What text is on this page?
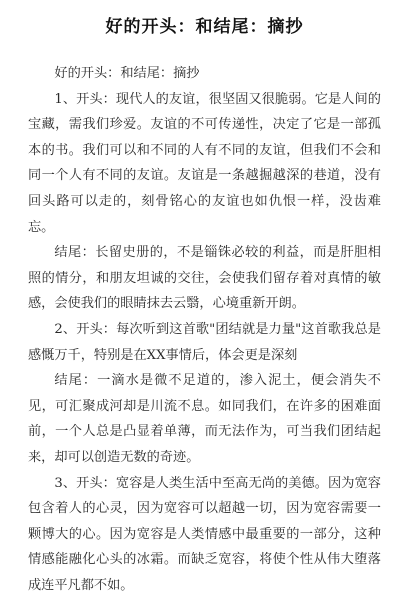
好的开头：和结尾：摘抄

好的开头：和结尾：摘抄

1、开头：现代人的友谊，很坚固又很脆弱。它是人间的宝藏，需我们珍爱。友谊的不可传递性，决定了它是一部孤本的书。我们可以和不同的人有不同的友谊，但我们不会和同一个人有不同的友谊。友谊是一条越掘越深的巷道，没有回头路可以走的，刻骨铭心的友谊也如仇恨一样，没齿难忘。

结尾：长留史册的，不是锱铢必较的利益，而是肝胆相照的情分，和朋友坦诚的交往，会使我们留存着对真情的敏感，会使我们的眼睛抹去云翳，心境重新开朗。

2、开头：每次听到这首歌"团结就是力量"这首歌我总是感慨万千，特别是在XX事情后，体会更是深刻

结尾：一滴水是微不足道的，渗入泥土，便会消失不见，可汇聚成河却是川流不息。如同我们，在许多的困难面前，一个人总是凸显着单薄，而无法作为，可当我们团结起来，却可以创造无数的奇迹。

3、开头：宽容是人类生活中至高无尚的美德。因为宽容包含着人的心灵，因为宽容可以超越一切，因为宽容需要一颗博大的心。因为宽容是人类情感中最重要的一部分，这种情感能融化心头的冰霜。而缺乏宽容，将使个性从伟大堕落成连平凡都不如。
